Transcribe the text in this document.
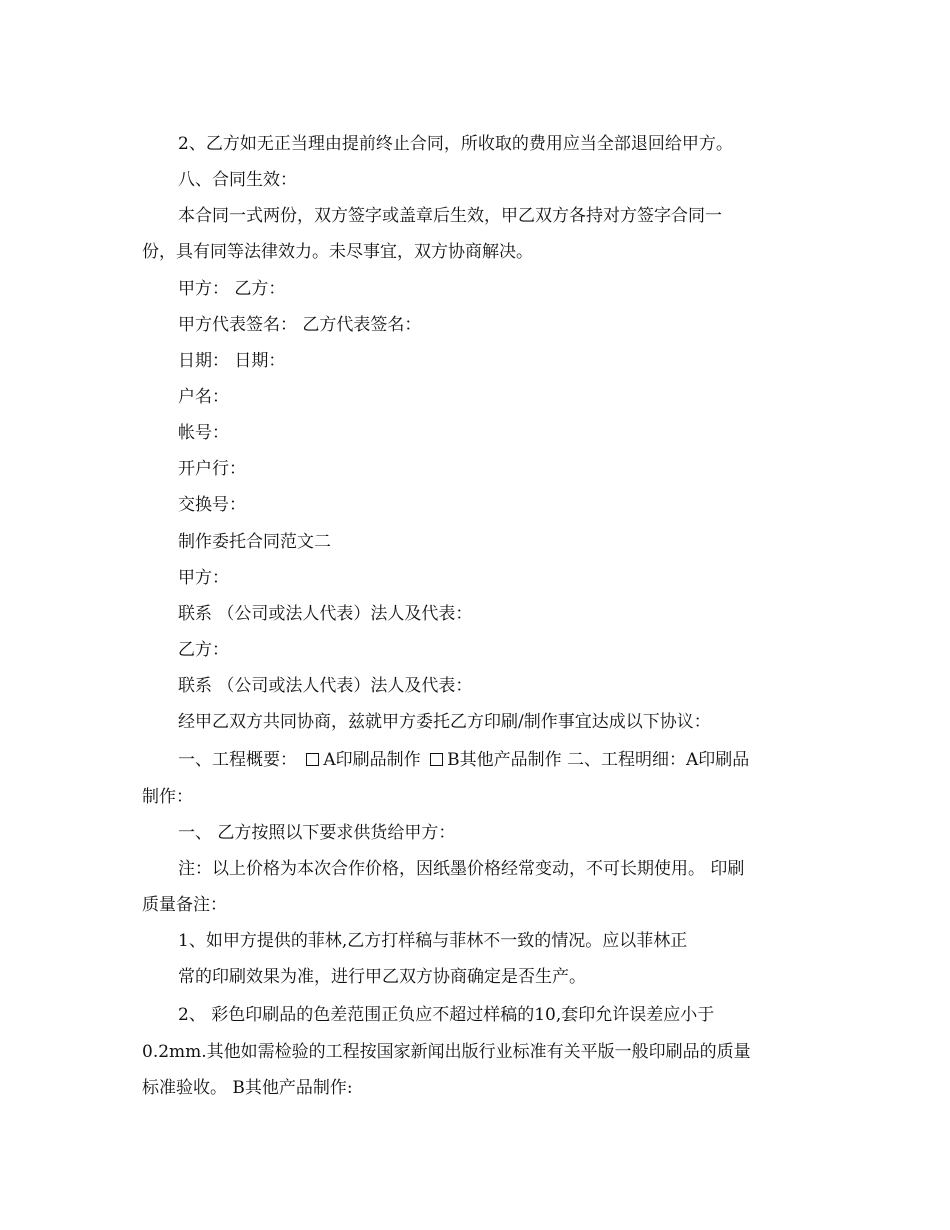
2、乙方如无正当理由提前终止合同，所收取的费用应当全部退回给甲方。
八、合同生效：
本合同一式两份，双方签字或盖章后生效，甲乙双方各持对方签字合同一
份，具有同等法律效力。未尽事宜，双方协商解决。
甲方： 乙方：
甲方代表签名： 乙方代表签名：
日期： 日期：
户名：
帐号：
开户行：
交换号：
制作委托合同范文二
甲方：
联系 （公司或法人代表）法人及代表：
乙方：
联系 （公司或法人代表）法人及代表：
经甲乙双方共同协商，兹就甲方委托乙方印刷/制作事宜达成以下协议：
一、工程概要： A印刷品制作 B其他产品制作 二、工程明细：A印刷品
制作：
一、 乙方按照以下要求供货给甲方：
注：以上价格为本次合作价格，因纸墨价格经常变动，不可长期使用。 印刷
质量备注：
1、如甲方提供的菲林,乙方打样稿与菲林不一致的情况。应以菲林正
常的印刷效果为准，进行甲乙双方协商确定是否生产。
2、 彩色印刷品的色差范围正负应不超过样稿的10,套印允许误差应小于
0.2mm.其他如需检验的工程按国家新闻出版行业标准有关平版一般印刷品的质量
标准验收。 B其他产品制作:
